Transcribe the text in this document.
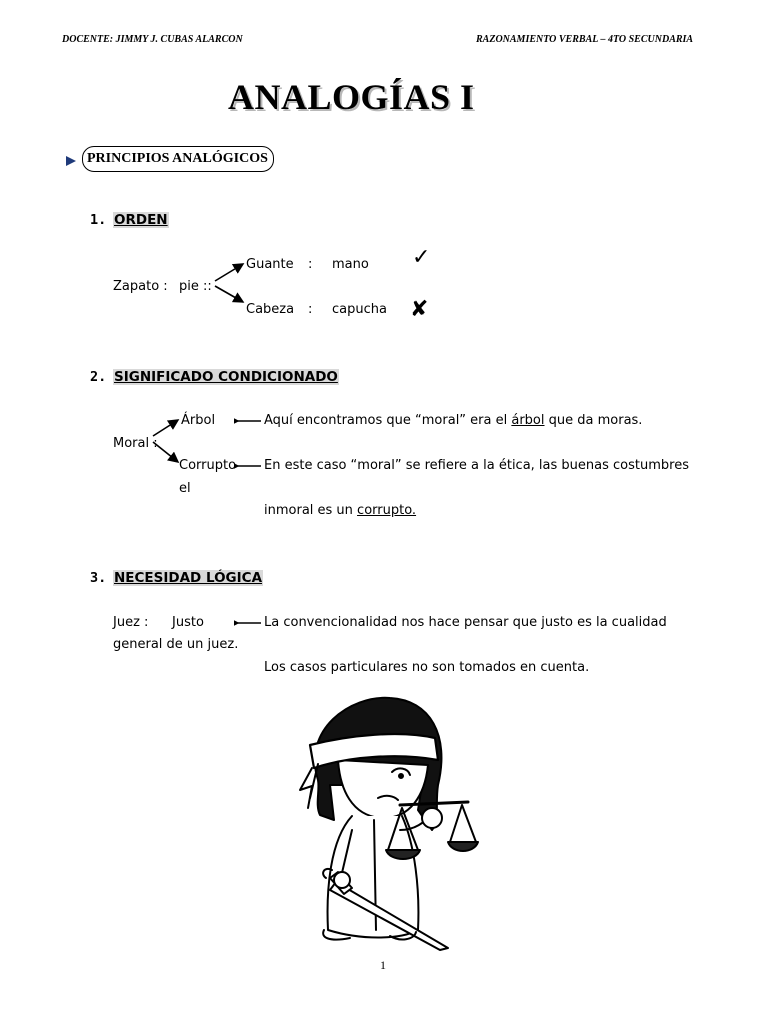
DOCENTE: JIMMY J. CUBAS ALARCON	RAZONAMIENTO VERBAL – 4TO SECUNDARIA
ANALOGÍAS I
PRINCIPIOS ANALÓGICOS
1. ORDEN
Zapato : pie ::
Guante : mano ✓
Cabeza : capucha ✘
2. SIGNIFICADO CONDICIONADO
Moral :
Árbol
Corrupto
el
Aquí encontramos que “moral” era el árbol que da moras.
En este caso “moral” se refiere a la ética, las buenas costumbres
inmoral es un corrupto.
3. NECESIDAD LÓGICA
Juez : Justo	La convencionalidad nos hace pensar que justo es la cualidad
general de un juez.
Los casos particulares no son tomados en cuenta.
1
